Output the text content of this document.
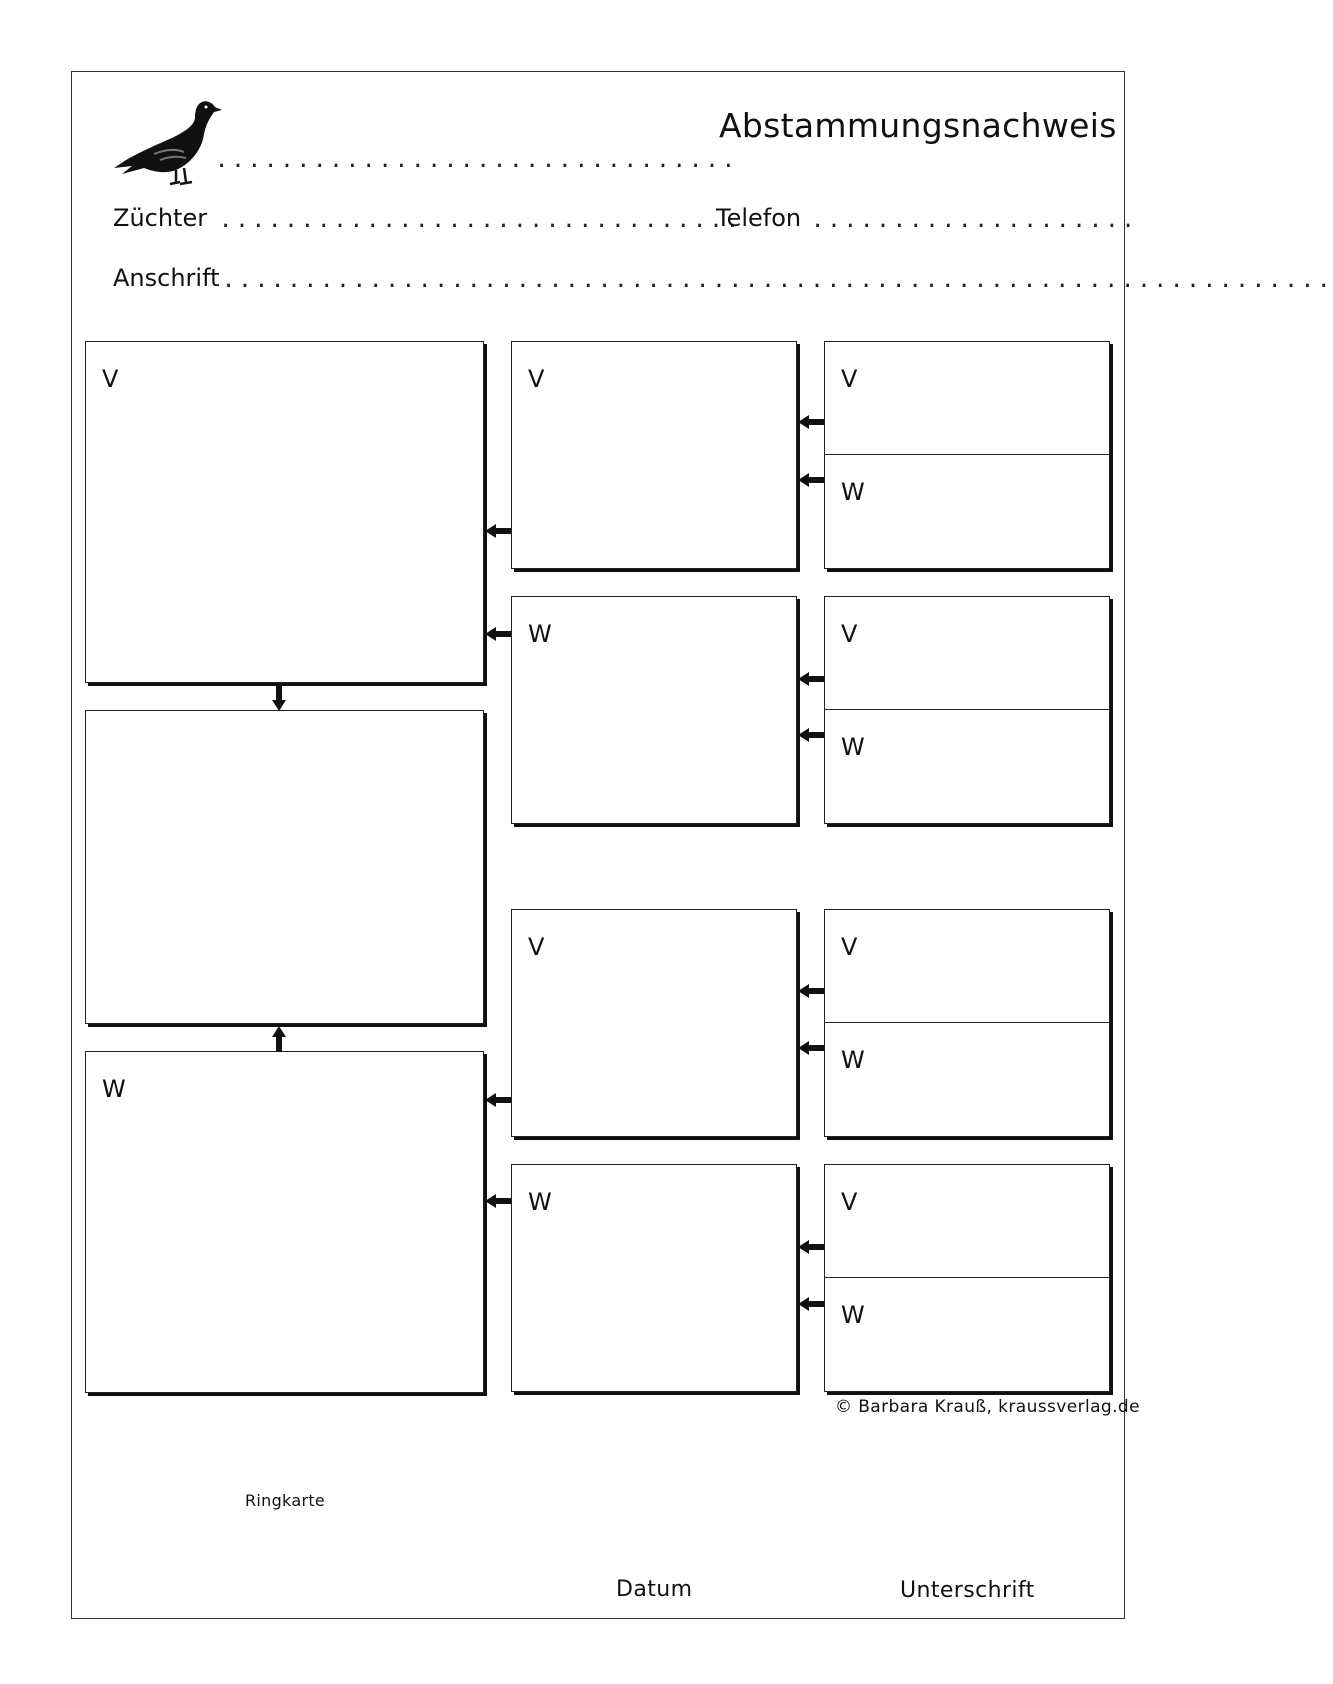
Abstammungsnachweis
................................
Züchter ................................
Telefon ....................
Anschrift ....................................................................
V
W
V
W
V
W
V
W
V
W
V
W
V
W
© Barbara Krauß, kraussverlag.de
Ringkarte
Datum	Unterschrift
